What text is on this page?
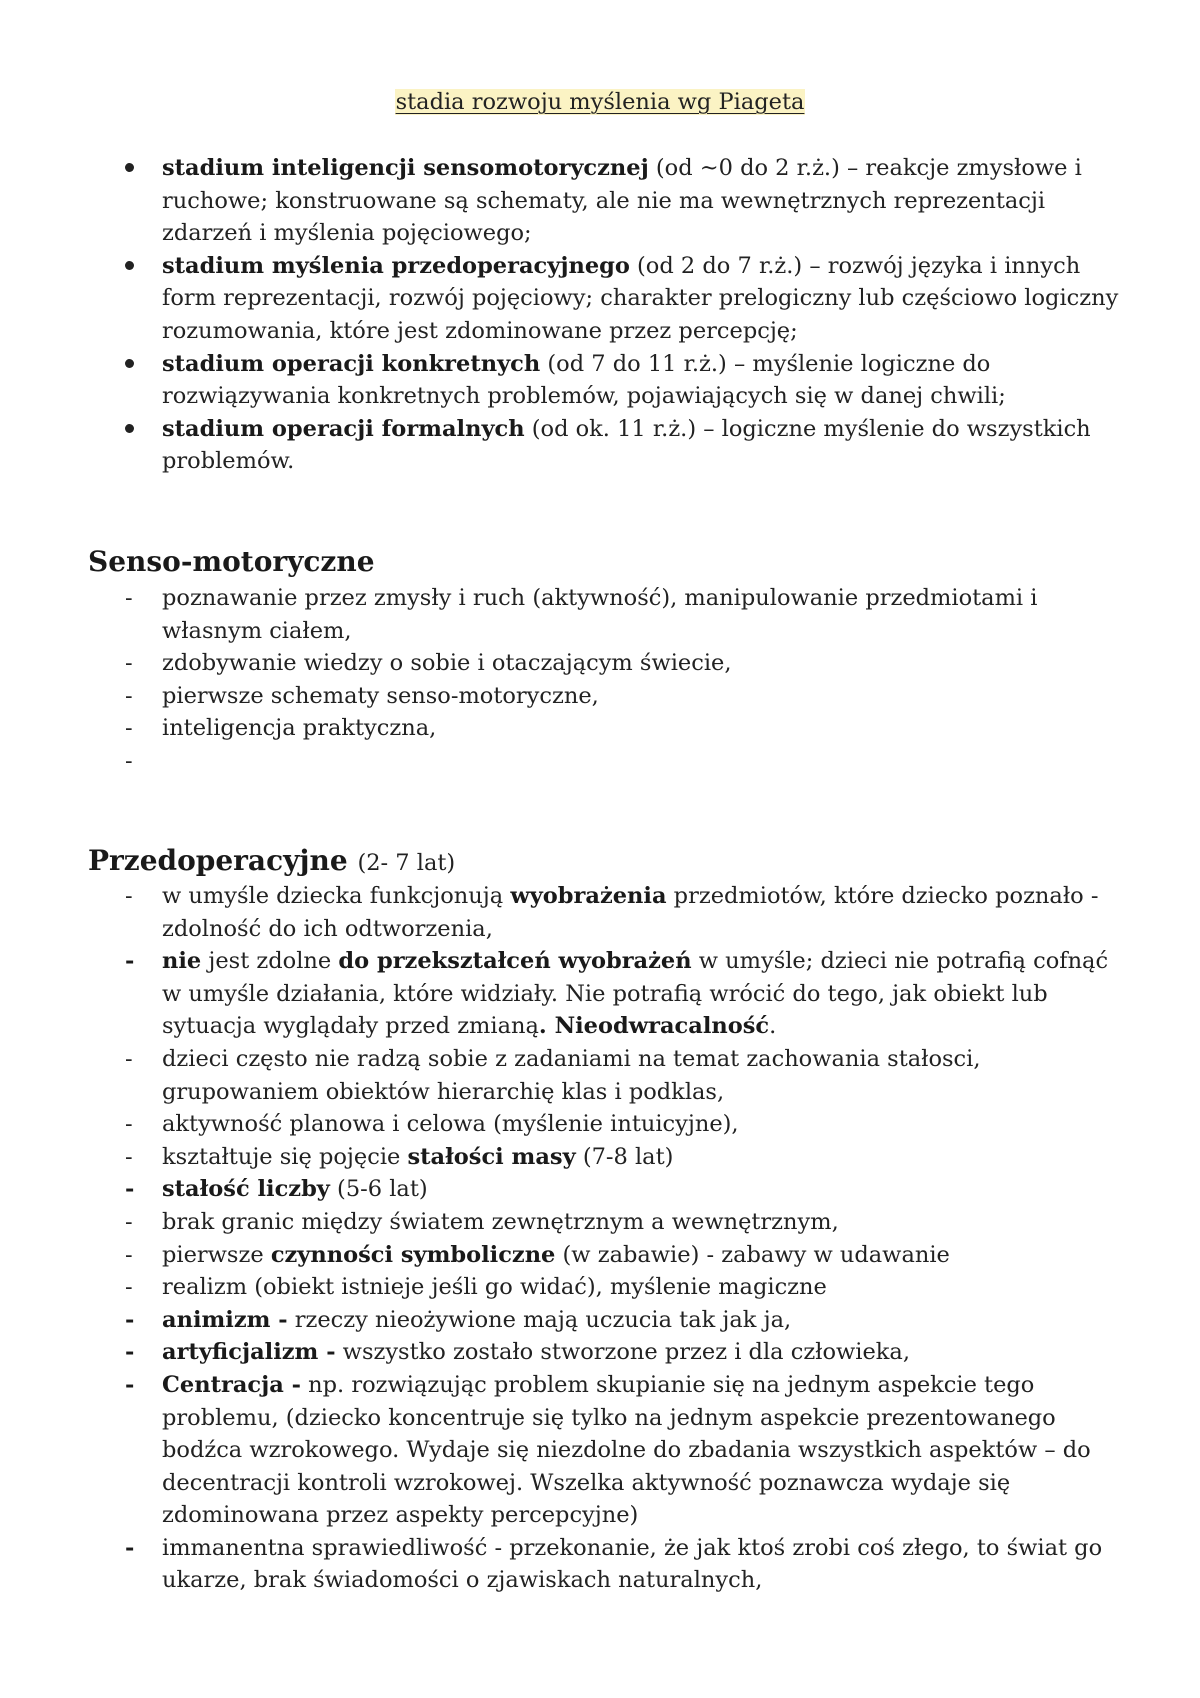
stadia rozwoju myślenia wg Piageta
stadium inteligencji sensomotorycznej (od ~0 do 2 r.ż.) – reakcje zmysłowe i ruchowe; konstruowane są schematy, ale nie ma wewnętrznych reprezentacji zdarzeń i myślenia pojęciowego;
stadium myślenia przedoperacyjnego (od 2 do 7 r.ż.) – rozwój języka i innych form reprezentacji, rozwój pojęciowy; charakter prelogiczny lub częściowo logiczny rozumowania, które jest zdominowane przez percepcję;
stadium operacji konkretnych (od 7 do 11 r.ż.) – myślenie logiczne do rozwiązywania konkretnych problemów, pojawiających się w danej chwili;
stadium operacji formalnych (od ok. 11 r.ż.) – logiczne myślenie do wszystkich problemów.
Senso-motoryczne
- poznawanie przez zmysły i ruch (aktywność), manipulowanie przedmiotami i własnym ciałem,
- zdobywanie wiedzy o sobie i otaczającym świecie,
- pierwsze schematy senso-motoryczne,
- inteligencja praktyczna,
-
Przedoperacyjne (2- 7 lat)
- w umyśle dziecka funkcjonują wyobrażenia przedmiotów, które dziecko poznało - zdolność do ich odtworzenia,
- nie jest zdolne do przekształceń wyobrażeń w umyśle; dzieci nie potrafią cofnąć w umyśle działania, które widziały. Nie potrafią wrócić do tego, jak obiekt lub sytuacja wyglądały przed zmianą. Nieodwracalność.
- dzieci często nie radzą sobie z zadaniami na temat zachowania stałosci, grupowaniem obiektów hierarchię klas i podklas,
- aktywność planowa i celowa (myślenie intuicyjne),
- kształtuje się pojęcie stałości masy (7-8 lat)
- stałość liczby (5-6 lat)
- brak granic między światem zewnętrznym a wewnętrznym,
- pierwsze czynności symboliczne (w zabawie) - zabawy w udawanie
- realizm (obiekt istnieje jeśli go widać), myślenie magiczne
- animizm - rzeczy nieożywione mają uczucia tak jak ja,
- artyficjalizm - wszystko zostało stworzone przez i dla człowieka,
- Centracja - np. rozwiązując problem skupianie się na jednym aspekcie tego problemu, (dziecko koncentruje się tylko na jednym aspekcie prezentowanego bodźca wzrokowego. Wydaje się niezdolne do zbadania wszystkich aspektów – do decentracji kontroli wzrokowej. Wszelka aktywność poznawcza wydaje się zdominowana przez aspekty percepcyjne)
- immanentna sprawiedliwość - przekonanie, że jak ktoś zrobi coś złego, to świat go ukarze, brak świadomości o zjawiskach naturalnych,
